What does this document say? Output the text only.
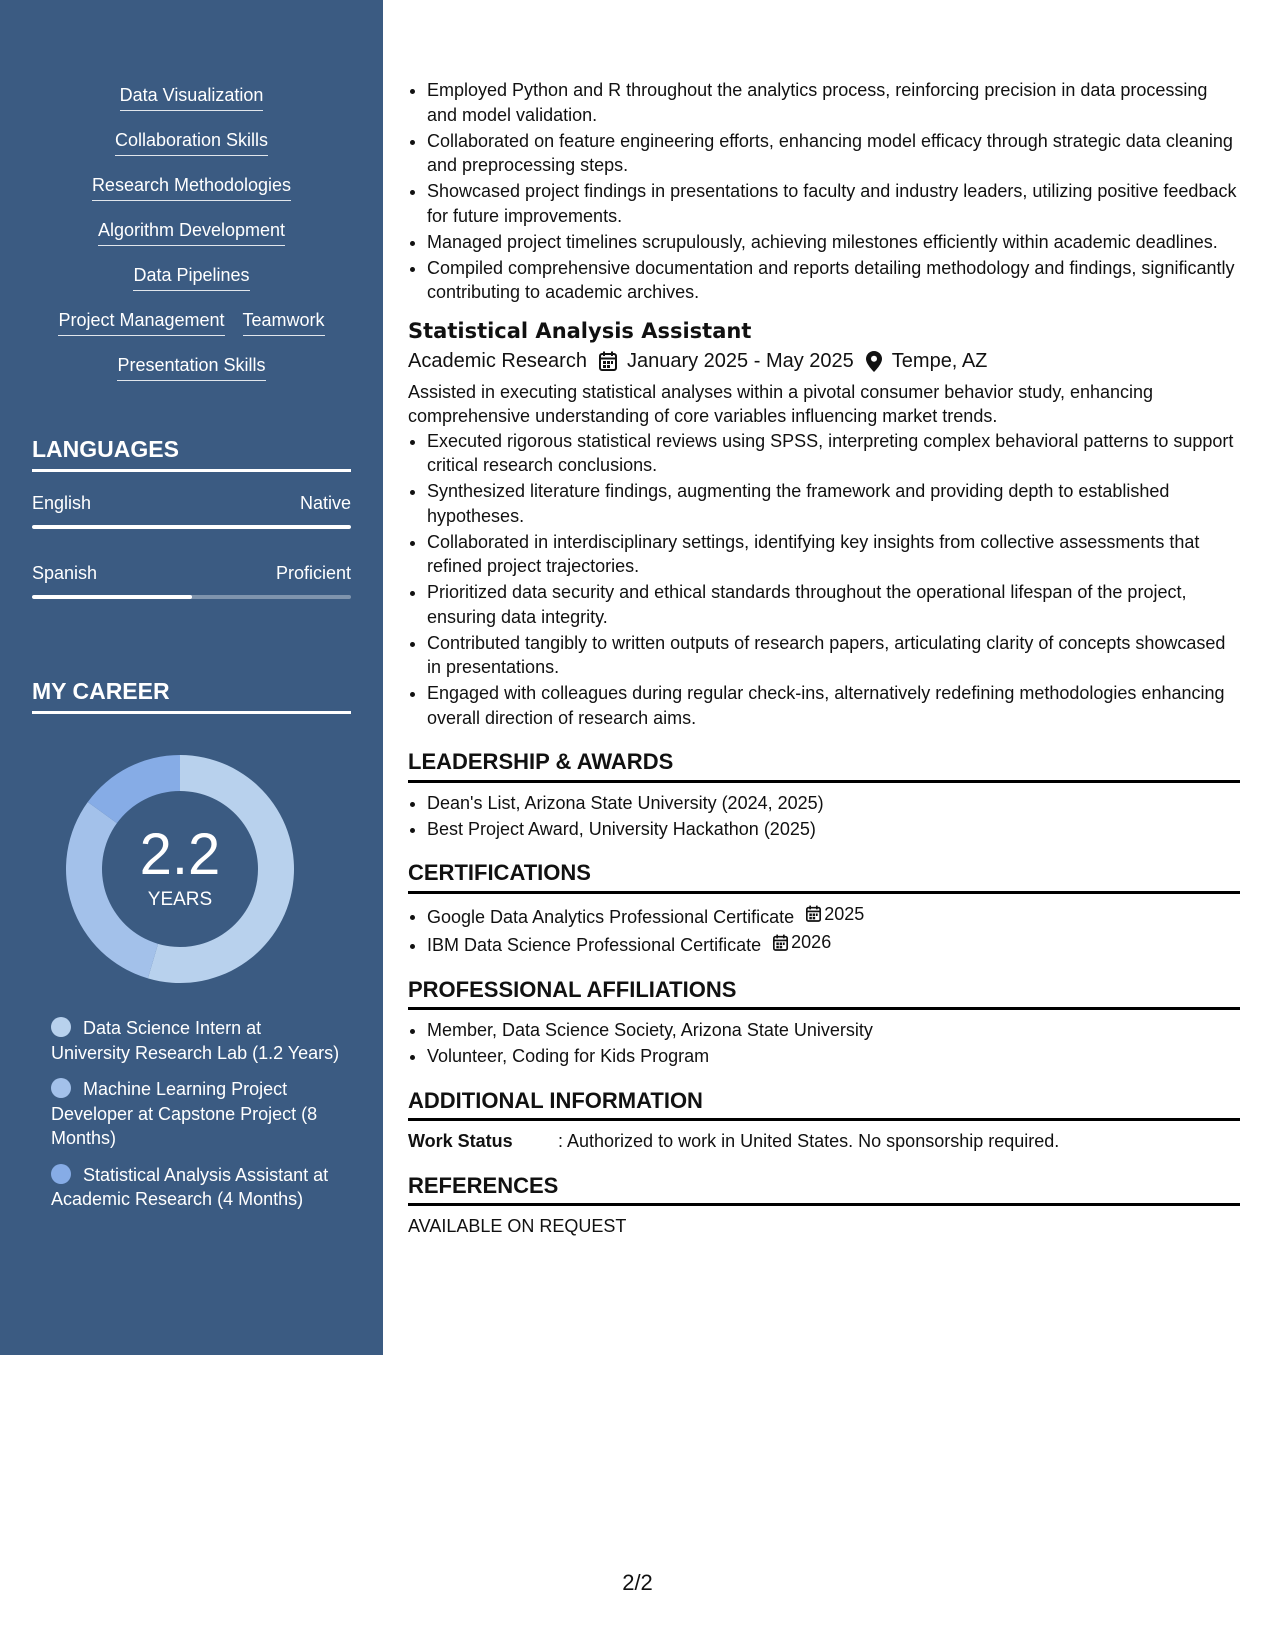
Data Visualization
Collaboration Skills
Research Methodologies
Algorithm Development
Data Pipelines
Project Management Teamwork
Presentation Skills
LANGUAGES
English	Native
Spanish	Proficient
MY CAREER
2.2
YEARS
Data Science Intern at University Research Lab (1.2 Years)
Machine Learning Project Developer at Capstone Project (8 Months)
Statistical Analysis Assistant at Academic Research (4 Months)
• Employed Python and R throughout the analytics process, reinforcing precision in data processing and model validation.
• Collaborated on feature engineering efforts, enhancing model efficacy through strategic data cleaning and preprocessing steps.
• Showcased project findings in presentations to faculty and industry leaders, utilizing positive feedback for future improvements.
• Managed project timelines scrupulously, achieving milestones efficiently within academic deadlines.
• Compiled comprehensive documentation and reports detailing methodology and findings, significantly contributing to academic archives.
Statistical Analysis Assistant
Academic Research January 2025 - May 2025 Tempe, AZ
Assisted in executing statistical analyses within a pivotal consumer behavior study, enhancing comprehensive understanding of core variables influencing market trends.
• Executed rigorous statistical reviews using SPSS, interpreting complex behavioral patterns to support critical research conclusions.
• Synthesized literature findings, augmenting the framework and providing depth to established hypotheses.
• Collaborated in interdisciplinary settings, identifying key insights from collective assessments that refined project trajectories.
• Prioritized data security and ethical standards throughout the operational lifespan of the project, ensuring data integrity.
• Contributed tangibly to written outputs of research papers, articulating clarity of concepts showcased in presentations.
• Engaged with colleagues during regular check-ins, alternatively redefining methodologies enhancing overall direction of research aims.
LEADERSHIP & AWARDS
• Dean's List, Arizona State University (2024, 2025)
• Best Project Award, University Hackathon (2025)
CERTIFICATIONS
• Google Data Analytics Professional Certificate 2025
• IBM Data Science Professional Certificate 2026
PROFESSIONAL AFFILIATIONS
• Member, Data Science Society, Arizona State University
• Volunteer, Coding for Kids Program
ADDITIONAL INFORMATION
Work Status	: Authorized to work in United States. No sponsorship required.
REFERENCES
AVAILABLE ON REQUEST
2/2
